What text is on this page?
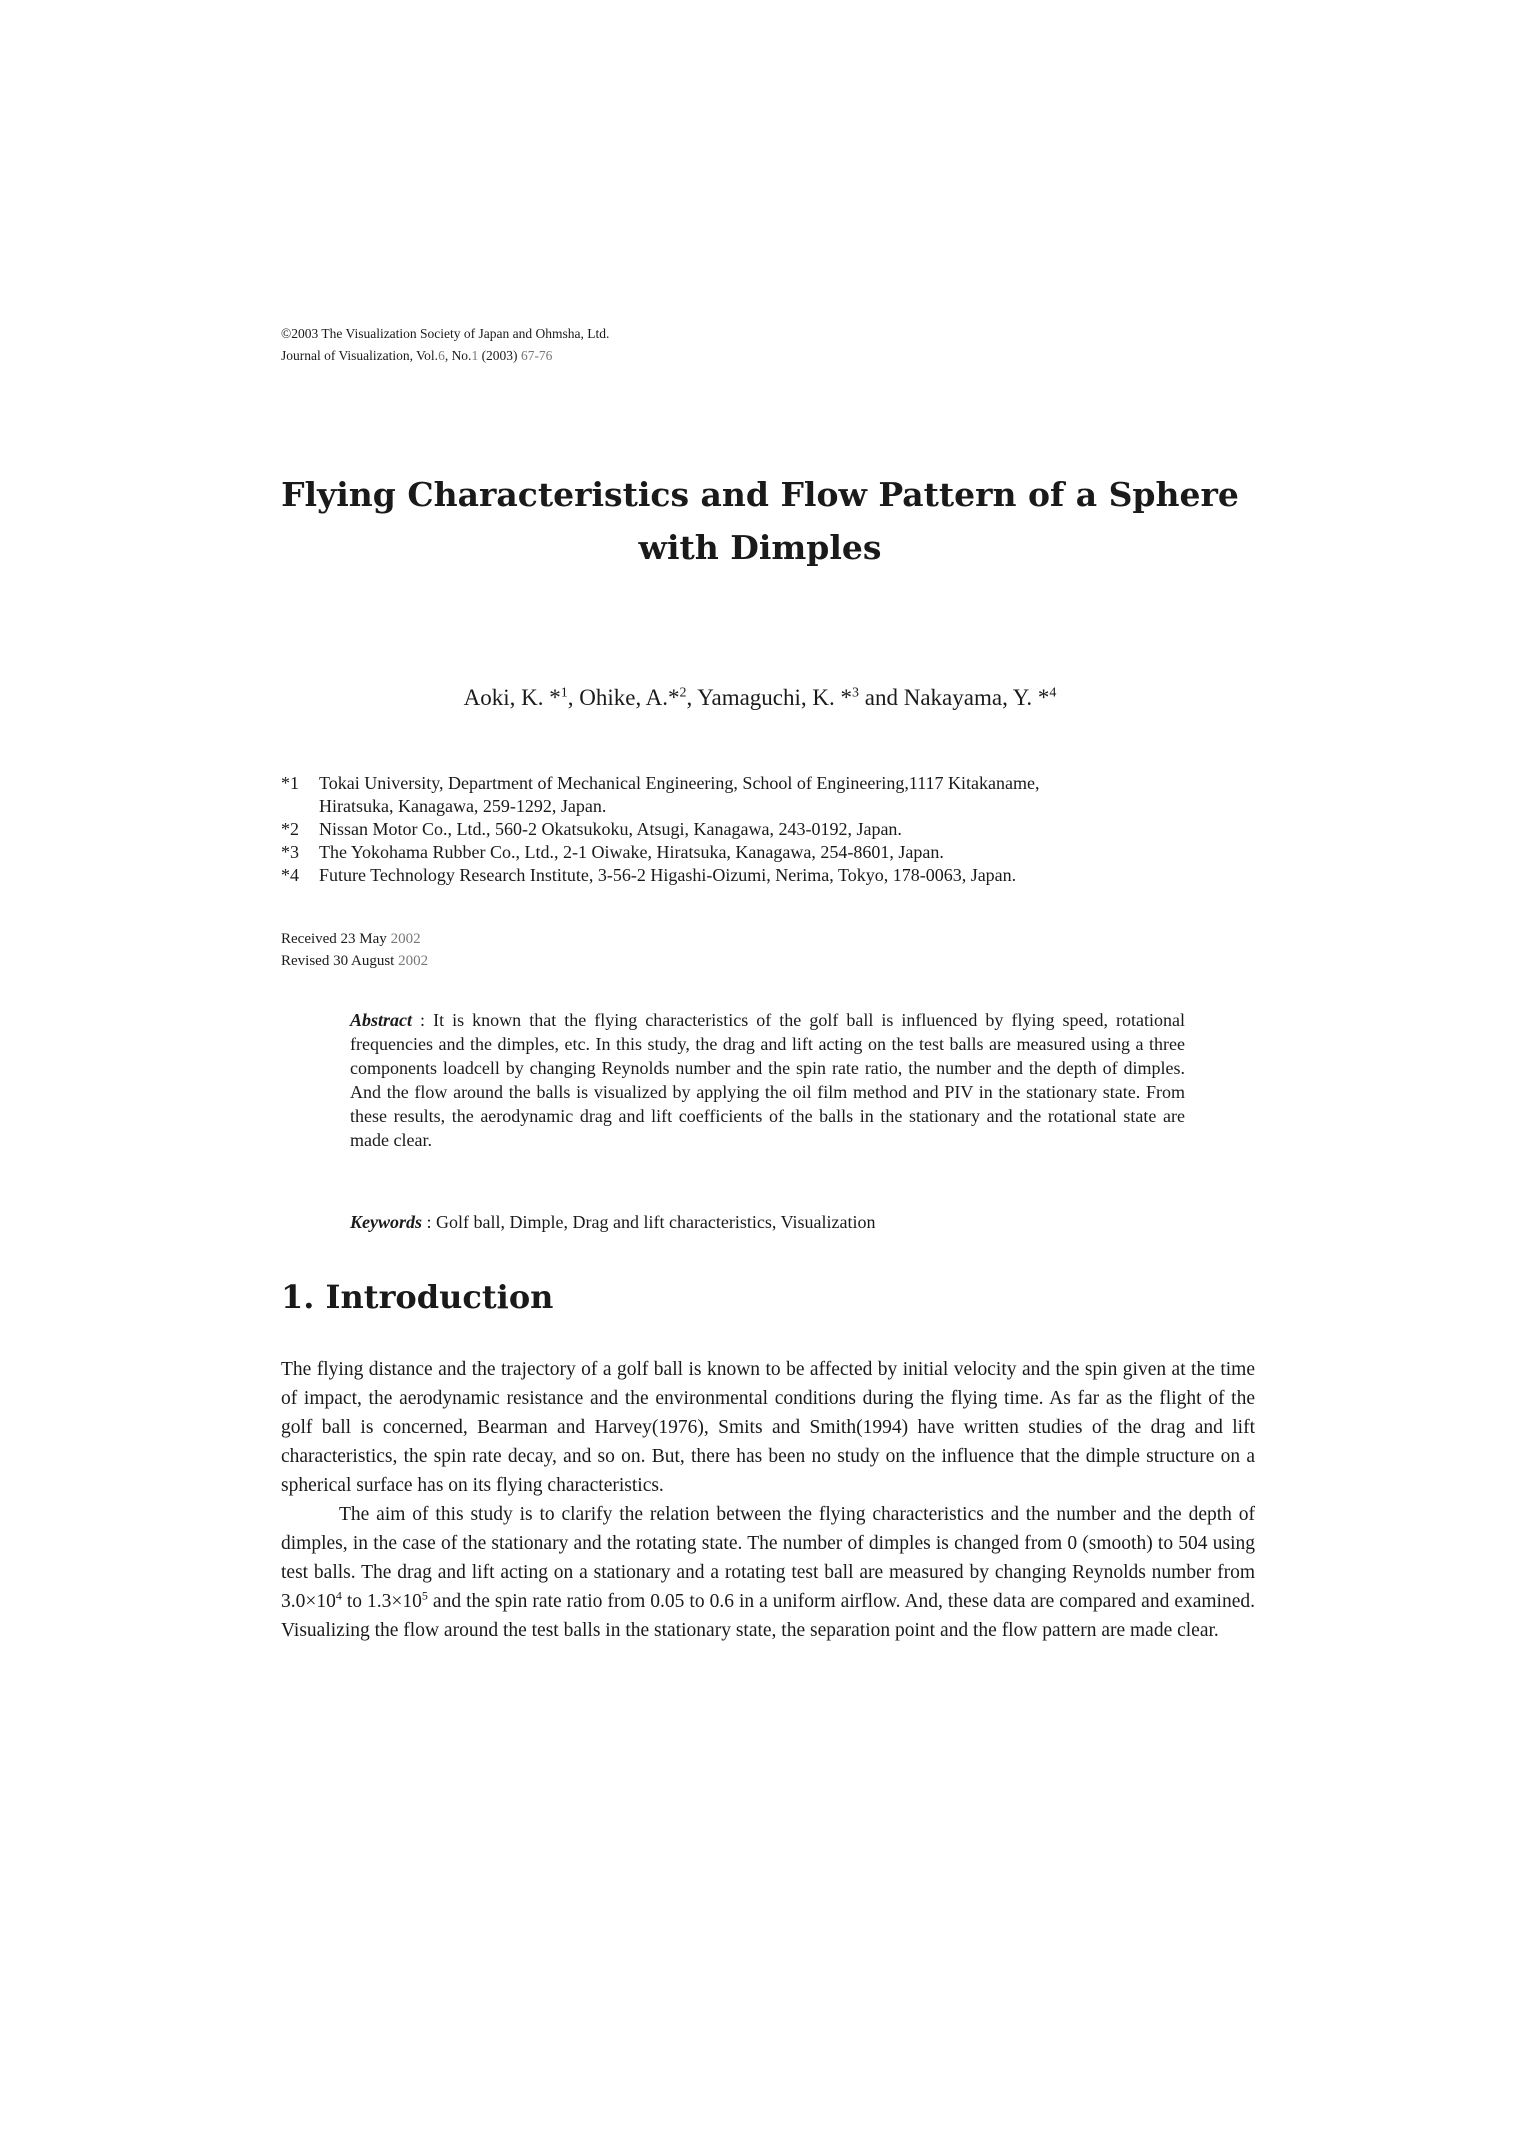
©2003 The Visualization Society of Japan and Ohmsha, Ltd.
Journal of Visualization, Vol.6, No.1 (2003) 67-76
Flying Characteristics and Flow Pattern of a Sphere
with Dimples
Aoki, K. *$^1$, Ohike, A.*$^2$, Yamaguchi, K. *$^3$ and Nakayama, Y. *$^4$
*1	Tokai University, Department of Mechanical Engineering, School of Engineering,1117 Kitakaname,
Hiratsuka, Kanagawa, 259-1292, Japan.
*2	Nissan Motor Co., Ltd., 560-2 Okatsukoku, Atsugi, Kanagawa, 243-0192, Japan.
*3	The Yokohama Rubber Co., Ltd., 2-1 Oiwake, Hiratsuka, Kanagawa, 254-8601, Japan.
*4	Future Technology Research Institute, 3-56-2 Higashi-Oizumi, Nerima, Tokyo, 178-0063, Japan.
Received 23 May 2002
Revised 30 August 2002
Abstract : It is known that the flying characteristics of the golf ball is influenced by flying speed, rotational frequencies and the dimples, etc. In this study, the drag and lift acting on the test balls are measured using a three components loadcell by changing Reynolds number and the spin rate ratio, the number and the depth of dimples. And the flow around the balls is visualized by applying the oil film method and PIV in the stationary state. From these results, the aerodynamic drag and lift coefficients of the balls in the stationary and the rotational state are made clear.
Keywords : Golf ball, Dimple, Drag and lift characteristics, Visualization
1. Introduction

The flying distance and the trajectory of a golf ball is known to be affected by initial velocity and the spin given at the time of impact, the aerodynamic resistance and the environmental conditions during the flying time. As far as the flight of the golf ball is concerned, Bearman and Harvey(1976), Smits and Smith(1994) have written studies of the drag and lift characteristics, the spin rate decay, and so on. But, there has been no study on the influence that the dimple structure on a spherical surface has on its flying characteristics.

The aim of this study is to clarify the relation between the flying characteristics and the number and the depth of dimples, in the case of the stationary and the rotating state. The number of dimples is changed from 0 (smooth) to 504 using test balls. The drag and lift acting on a stationary and a rotating test ball are measured by changing Reynolds number from $3.0\times 10^4$ to $1.3\times 10^5$ and the spin rate ratio from 0.05 to 0.6 in a uniform airflow. And, these data are compared and examined. Visualizing the flow around the test balls in the stationary state, the separation point and the flow pattern are made clear.
